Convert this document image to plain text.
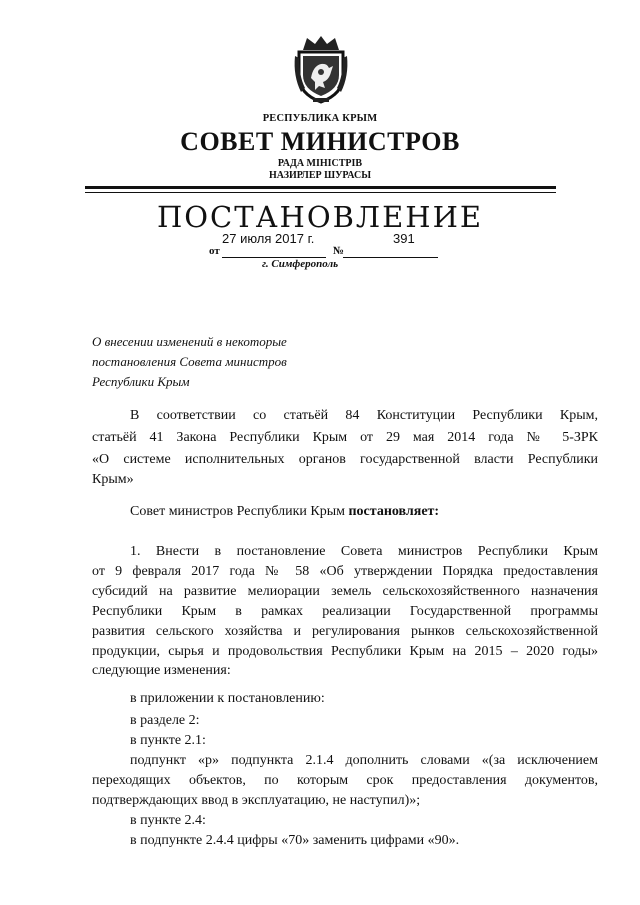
РЕСПУБЛИКА КРЫМ
СОВЕТ МИНИСТРОВ
РАДА МІНІСТРІВ
НАЗИРЛЕР ШУРАСЫ
ПОСТАНОВЛЕНИЕ
27 июля 2017 г.	391
от	№
г. Симферополь
О внесении изменений в некоторые
постановления Совета министров
Республики Крым
В соответствии со статьёй 84 Конституции Республики Крым,
статьёй 41 Закона Республики Крым от 29 мая 2014 года № 5-ЗРК
«О системе исполнительных органов государственной власти Республики
Крым»
Совет министров Республики Крым постановляет:
1. Внести в постановление Совета министров Республики Крым
от 9 февраля 2017 года № 58 «Об утверждении Порядка предоставления
субсидий на развитие мелиорации земель сельскохозяйственного назначения
Республики Крым в рамках реализации Государственной программы
развития сельского хозяйства и регулирования рынков сельскохозяйственной
продукции, сырья и продовольствия Республики Крым на 2015 – 2020 годы»
следующие изменения:
в приложении к постановлению:
в разделе 2:
в пункте 2.1:
подпункт «р» подпункта 2.1.4 дополнить словами «(за исключением
переходящих объектов, по которым срок предоставления документов,
подтверждающих ввод в эксплуатацию, не наступил)»;
в пункте 2.4:
в подпункте 2.4.4 цифры «70» заменить цифрами «90».
